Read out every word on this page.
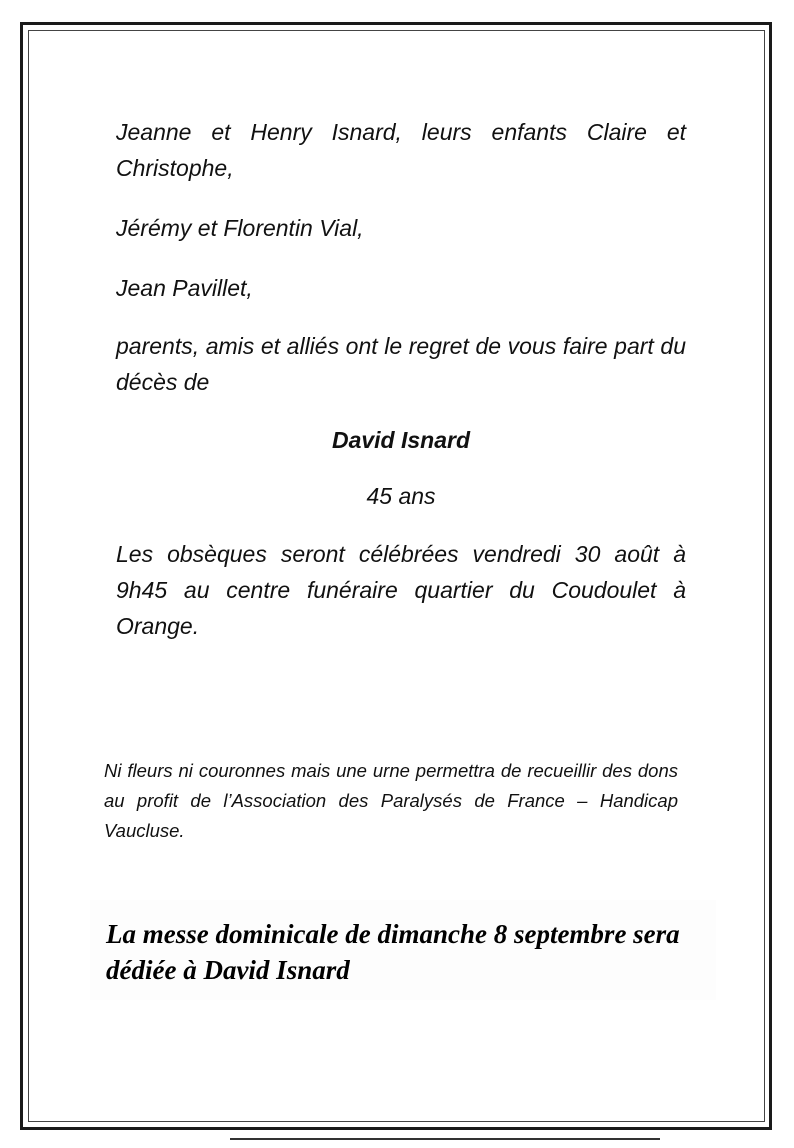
Jeanne et Henry Isnard, leurs enfants Claire et Christophe,

Jérémy et Florentin Vial,

Jean Pavillet,

parents, amis et alliés ont le regret de vous faire part du décès de

David Isnard

45 ans

Les obsèques seront célébrées vendredi 30 août à 9h45 au centre funéraire quartier du Coudoulet à Orange.

Ni fleurs ni couronnes mais une urne permettra de recueillir des dons au profit de l’Association des Paralysés de France – Handicap Vaucluse.

La messe dominicale de dimanche 8 septembre sera dédiée à David Isnard
